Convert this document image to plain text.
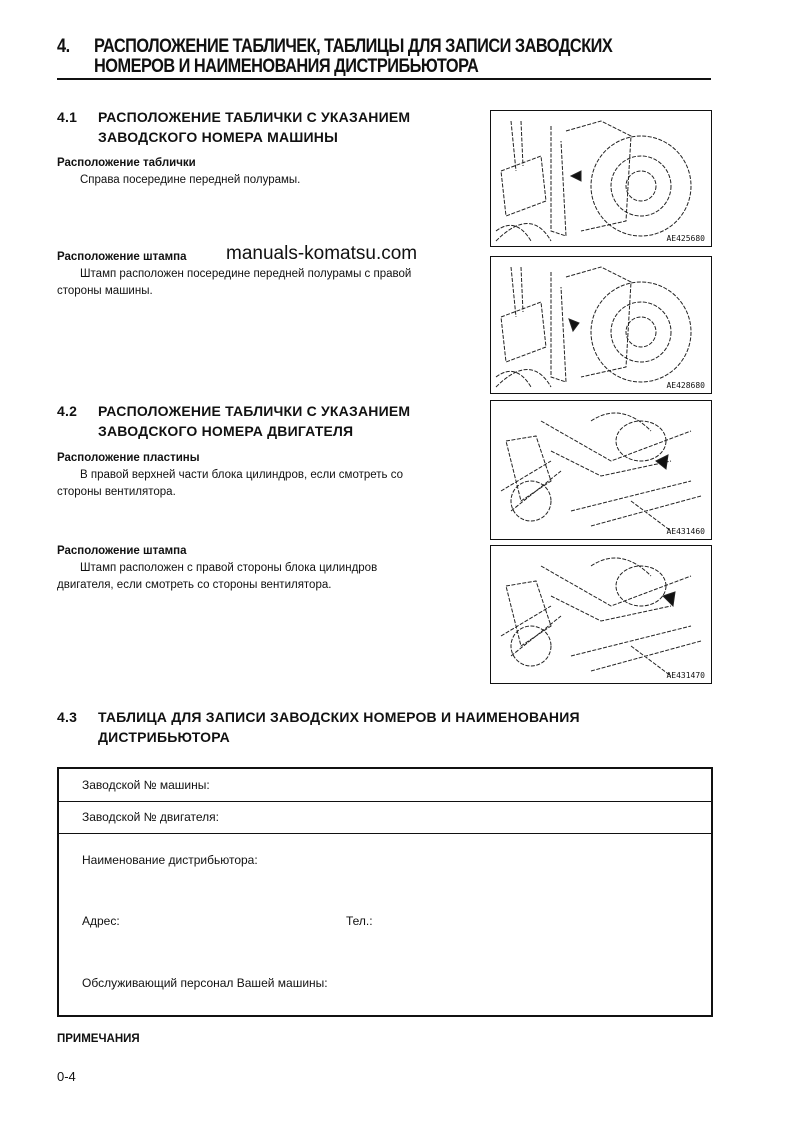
4. РАСПОЛОЖЕНИЕ ТАБЛИЧЕК, ТАБЛИЦЫ ДЛЯ ЗАПИСИ ЗАВОДСКИХ
НОМЕРОВ И НАИМЕНОВАНИЯ ДИСТРИБЬЮТОРА
4.1 РАСПОЛОЖЕНИЕ ТАБЛИЧКИ С УКАЗАНИЕМ
ЗАВОДСКОГО НОМЕРА МАШИНЫ
Расположение таблички
Справа посередине передней полурамы.
Расположение штампа manuals-komatsu.com
Штамп расположен посередине передней полурамы с правой
стороны машины.
AE425680
AE428680
4.2 РАСПОЛОЖЕНИЕ ТАБЛИЧКИ С УКАЗАНИЕМ
ЗАВОДСКОГО НОМЕРА ДВИГАТЕЛЯ
Расположение пластины
В правой верхней части блока цилиндров, если смотреть со
стороны вентилятора.
Расположение штампа
Штамп расположен с правой стороны блока цилиндров
двигателя, если смотреть со стороны вентилятора.
AE431460
AE431470
4.3 ТАБЛИЦА ДЛЯ ЗАПИСИ ЗАВОДСКИХ НОМЕРОВ И НАИМЕНОВАНИЯ
ДИСТРИБЬЮТОРА
Заводской № машины:
Заводской № двигателя:
Наименование дистрибьютора:
Адрес:	Тел.:
Обслуживающий персонал Вашей машины:
ПРИМЕЧАНИЯ
0-4
